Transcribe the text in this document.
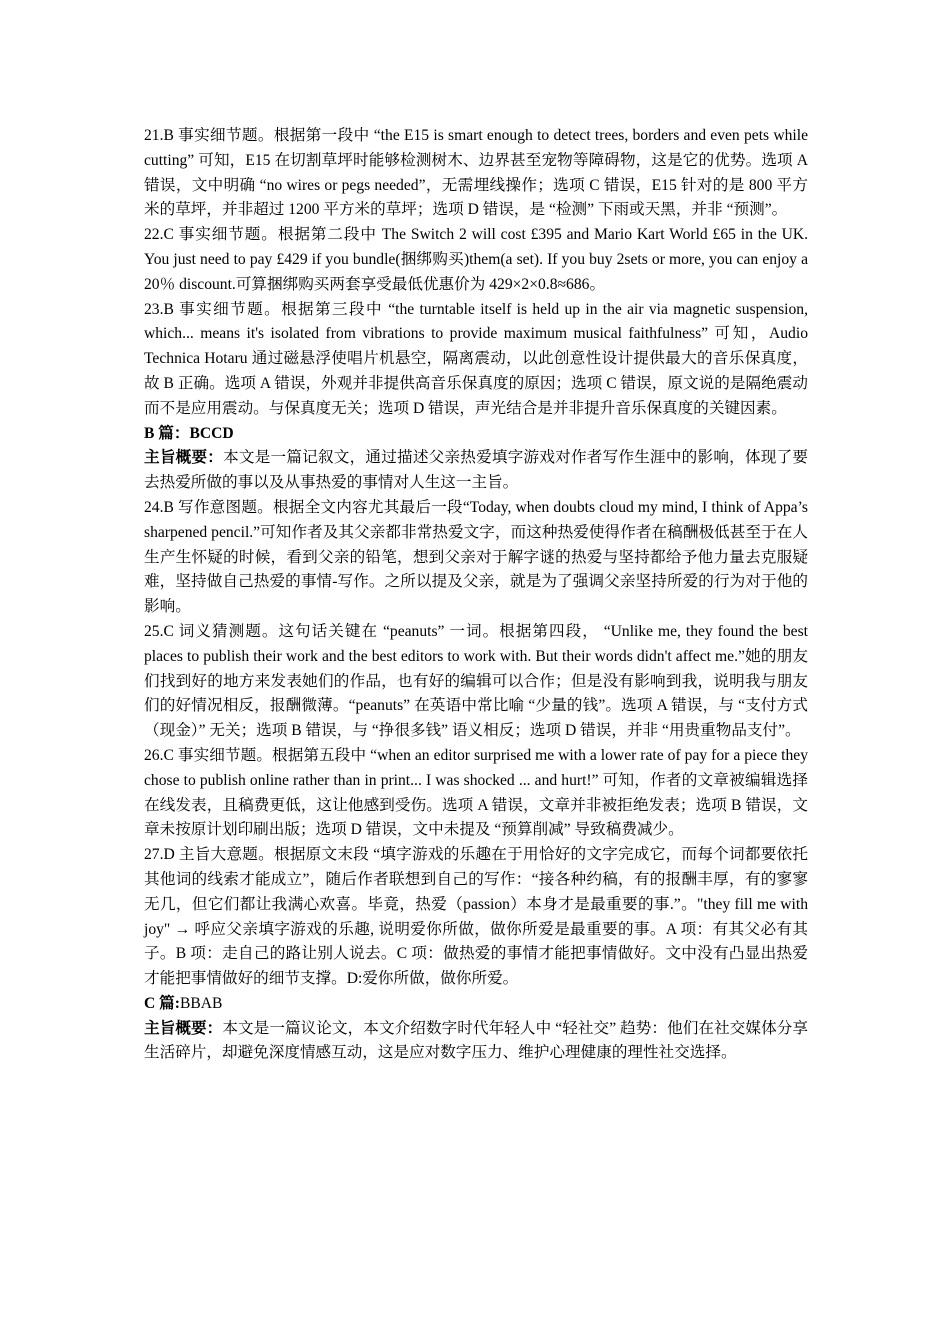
21.B 事实细节题。根据第一段中 “the E15 is smart enough to detect trees, borders and even pets while cutting” 可知，E15 在切割草坪时能够检测树木、边界甚至宠物等障碍物，这是它的优势。选项 A 错误，文中明确 “no wires or pegs needed”，无需埋线操作；选项 C 错误，E15 针对的是 800 平方米的草坪，并非超过 1200 平方米的草坪；选项 D 错误，是 “检测” 下雨或天黑，并非 “预测”。

22.C 事实细节题。根据第二段中 The Switch 2 will cost £395 and Mario Kart World £65 in the UK. You just need to pay £429 if you bundle(捆绑购买)them(a set). If you buy 2sets or more, you can enjoy a 20％ discount.可算捆绑购买两套享受最低优惠价为 429×2×0.8≈686。

23.B 事实细节题。根据第三段中 “the turntable itself is held up in the air via magnetic suspension, which... means it's isolated from vibrations to provide maximum musical faithfulness” 可知，Audio Technica Hotaru 通过磁悬浮使唱片机悬空，隔离震动，以此创意性设计提供最大的音乐保真度，故 B 正确。选项 A 错误，外观并非提供高音乐保真度的原因；选项 C 错误，原文说的是隔绝震动而不是应用震动。与保真度无关；选项 D 错误，声光结合是并非提升音乐保真度的关键因素。

B 篇：BCCD

主旨概要：本文是一篇记叙文，通过描述父亲热爱填字游戏对作者写作生涯中的影响，体现了要去热爱所做的事以及从事热爱的事情对人生这一主旨。

24.B 写作意图题。根据全文内容尤其最后一段“Today, when doubts cloud my mind, I think of Appa’s sharpened pencil.”可知作者及其父亲都非常热爱文字，而这种热爱使得作者在稿酬极低甚至于在人生产生怀疑的时候，看到父亲的铅笔，想到父亲对于解字谜的热爱与坚持都给予他力量去克服疑难，坚持做自己热爱的事情-写作。之所以提及父亲，就是为了强调父亲坚持所爱的行为对于他的影响。

25.C 词义猜测题。这句话关键在 “peanuts” 一词。根据第四段， “Unlike me, they found the best places to publish their work and the best editors to work with. But their words didn't affect me.”她的朋友们找到好的地方来发表她们的作品，也有好的编辑可以合作；但是没有影响到我，说明我与朋友们的好情况相反，报酬微薄。“peanuts” 在英语中常比喻 “少量的钱”。选项 A 错误，与 “支付方式（现金）” 无关；选项 B 错误，与 “挣很多钱” 语义相反；选项 D 错误，并非 “用贵重物品支付”。

26.C 事实细节题。根据第五段中 “when an editor surprised me with a lower rate of pay for a piece they chose to publish online rather than in print... I was shocked ... and hurt!” 可知，作者的文章被编辑选择在线发表，且稿费更低，这让他感到受伤。选项 A 错误，文章并非被拒绝发表；选项 B 错误，文章未按原计划印刷出版；选项 D 错误，文中未提及 “预算削减” 导致稿费减少。

27.D 主旨大意题。根据原文末段 “填字游戏的乐趣在于用恰好的文字完成它，而每个词都要依托其他词的线索才能成立”，随后作者联想到自己的写作：“接各种约稿，有的报酬丰厚，有的寥寥无几，但它们都让我满心欢喜。毕竟，热爱（passion）本身才是最重要的事.”。"they fill me with joy" → 呼应父亲填字游戏的乐趣, 说明爱你所做，做你所爱是最重要的事。A 项：有其父必有其子。B 项：走自己的路让别人说去。C 项：做热爱的事情才能把事情做好。文中没有凸显出热爱才能把事情做好的细节支撑。D:爱你所做，做你所爱。

C 篇:BBAB

主旨概要：本文是一篇议论文，本文介绍数字时代年轻人中 “轻社交” 趋势：他们在社交媒体分享生活碎片，却避免深度情感互动，这是应对数字压力、维护心理健康的理性社交选择。
